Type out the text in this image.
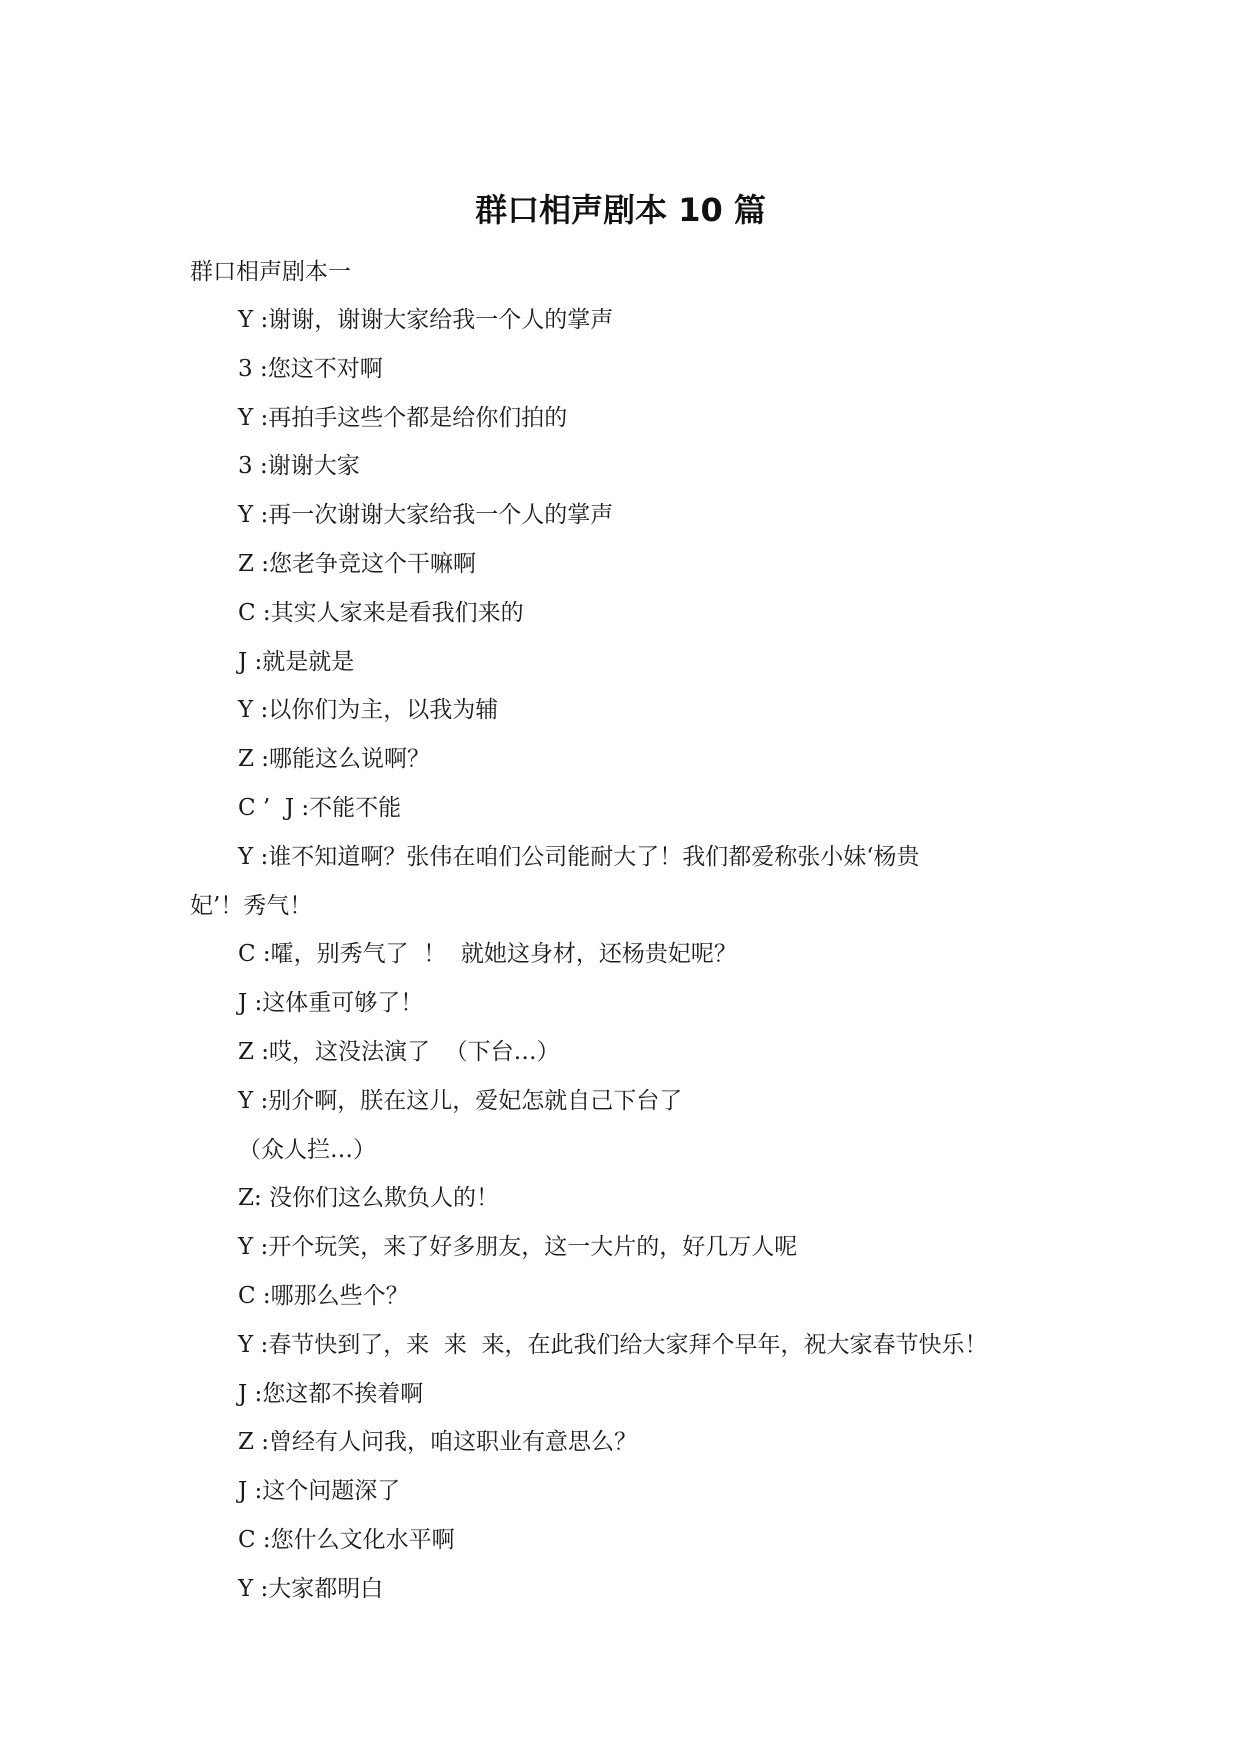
群口相声剧本 10 篇

群口相声剧本一

Y :谢谢，谢谢大家给我一个人的掌声

3 :您这不对啊

Y :再拍手这些个都是给你们拍的

3 :谢谢大家

Y :再一次谢谢大家给我一个人的掌声

Z :您老争竞这个干嘛啊

C :其实人家来是看我们来的

J :就是就是

Y :以你们为主，以我为辅

Z :哪能这么说啊？

C ’  J :不能不能

Y :谁不知道啊？张伟在咱们公司能耐大了！我们都爱称张小妹‘杨贵

妃’！秀气！

C :嚯，别秀气了  ！  就她这身材，还杨贵妃呢？

J :这体重可够了！

Z :哎，这没法演了  （下台…）

Y :别介啊，朕在这儿，爱妃怎就自己下台了

（众人拦…）

Z: 没你们这么欺负人的！

Y :开个玩笑，来了好多朋友，这一大片的，好几万人呢

C :哪那么些个？

Y :春节快到了，来  来  来，在此我们给大家拜个早年，祝大家春节快乐！

J :您这都不挨着啊

Z :曾经有人问我，咱这职业有意思么？

J :这个问题深了

C :您什么文化水平啊

Y :大家都明白
